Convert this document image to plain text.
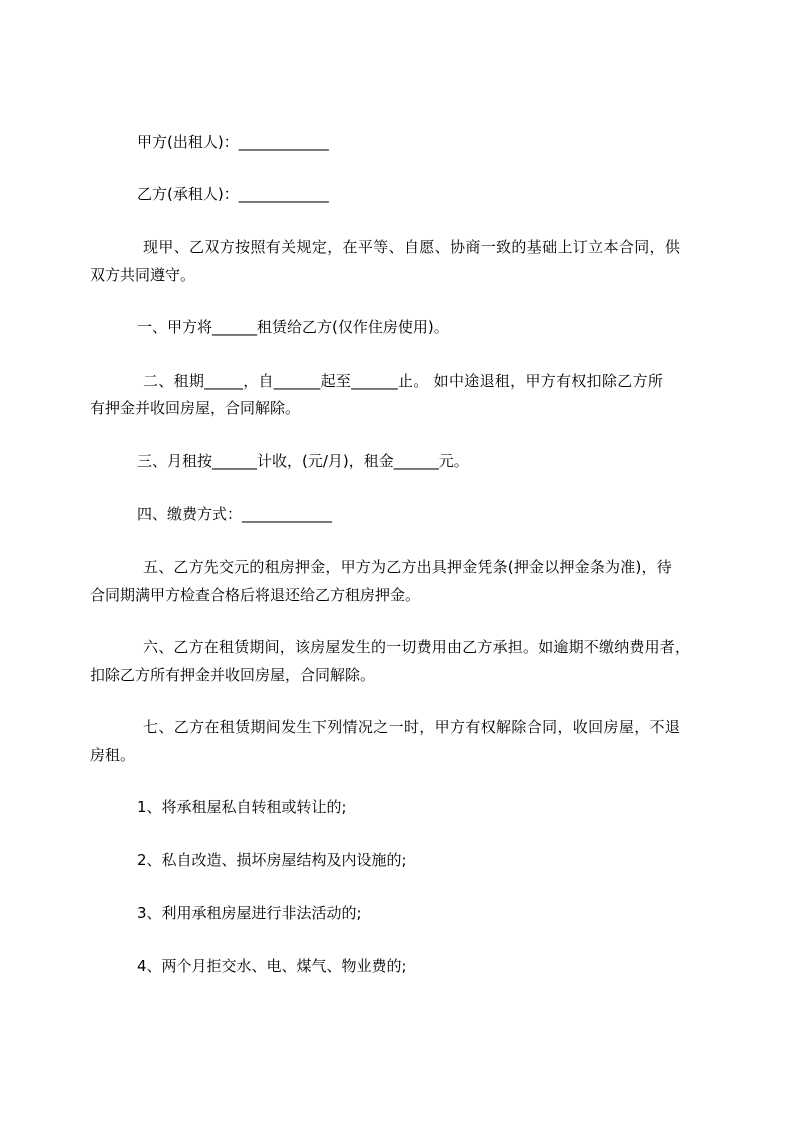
甲方(出租人)：____________
乙方(承租人)：____________
现甲、乙双方按照有关规定，在平等、自愿、协商一致的基础上订立本合同，供
双方共同遵守。
一、甲方将______租赁给乙方(仅作住房使用)。
二、租期_____，自______起至______止。 如中途退租，甲方有权扣除乙方所
有押金并收回房屋，合同解除。
三、月租按______计收，(元/月)，租金______元。
四、缴费方式：____________
五、乙方先交元的租房押金，甲方为乙方出具押金凭条(押金以押金条为准)，待
合同期满甲方检查合格后将退还给乙方租房押金。
六、乙方在租赁期间，该房屋发生的一切费用由乙方承担。如逾期不缴纳费用者，
扣除乙方所有押金并收回房屋，合同解除。
七、乙方在租赁期间发生下列情况之一时，甲方有权解除合同，收回房屋，不退
房租。
1、将承租屋私自转租或转让的;
2、私自改造、损坏房屋结构及内设施的;
3、利用承租房屋进行非法活动的;
4、两个月拒交水、电、煤气、物业费的;
